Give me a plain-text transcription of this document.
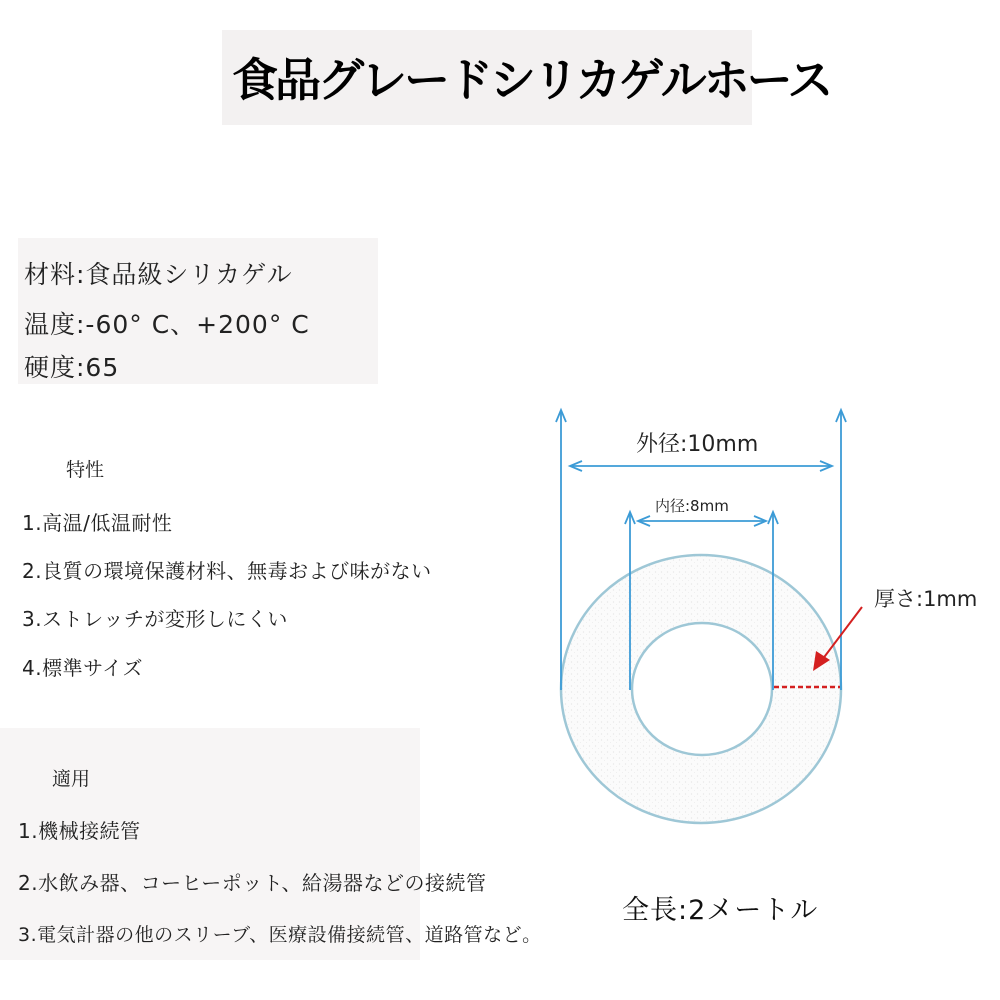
食品グレードシリカゲルホース
材料:食品級シリカゲル
温度:-60° C、+200° C
硬度:65
特性
1.高温/低温耐性
2.良質の環境保護材料、無毒および味がない
3.ストレッチが変形しにくい
4.標準サイズ
適用
1.機械接続管
2.水飲み器、コーヒーポット、給湯器などの接続管
3.電気計器の他のスリーブ、医療設備接続管、道路管など。
外径:10mm
内径:8mm
厚さ:1mm
全長:2メートル
